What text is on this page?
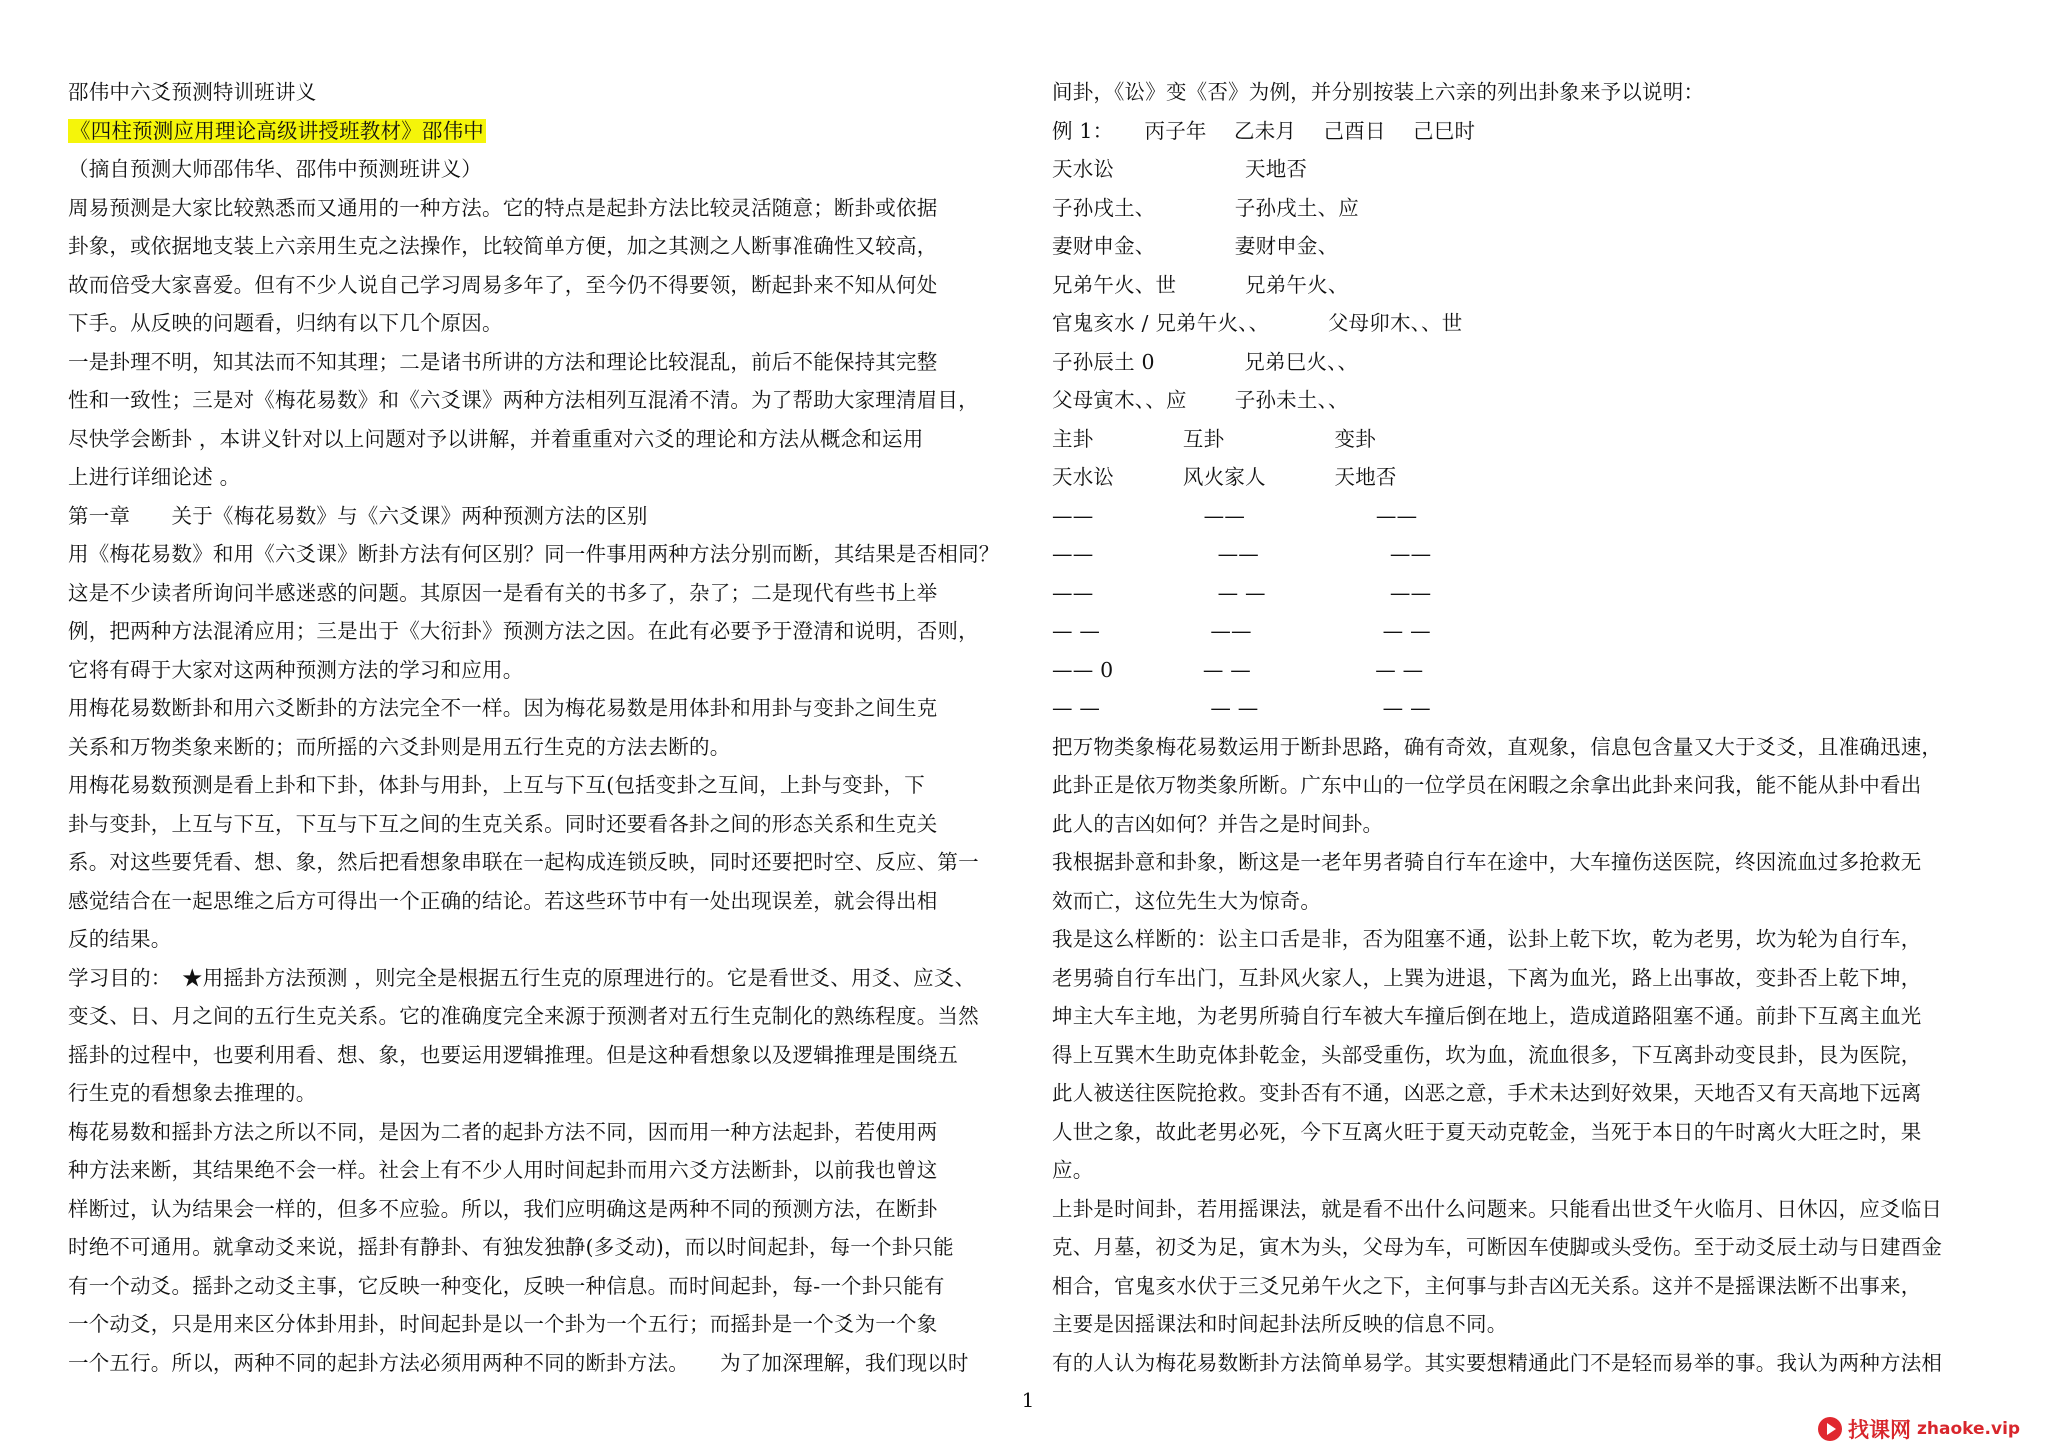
邵伟中六爻预测特训班讲义
《四柱预测应用理论高级讲授班教材》邵伟中
（摘自预测大师邵伟华、邵伟中预测班讲义）
周易预测是大家比较熟悉而又通用的一种方法。它的特点是起卦方法比较灵活随意；断卦或依据
卦象，或依据地支装上六亲用生克之法操作，比较简单方便，加之其测之人断事准确性又较高，
故而倍受大家喜爱。但有不少人说自己学习周易多年了，至今仍不得要领，断起卦来不知从何处
下手。从反映的问题看，归纳有以下几个原因。
一是卦理不明，知其法而不知其理；二是诸书所讲的方法和理论比较混乱，前后不能保持其完整
性和一致性；三是对《梅花易数》和《六爻课》两种方法相列互混淆不清。为了帮助大家理清眉目，
尽快学会断卦 ，本讲义针对以上问题对予以讲解，并着重重对六爻的理论和方法从概念和运用
上进行详细论述 。
第一章　　关于《梅花易数》与《六爻课》两种预测方法的区别
用《梅花易数》和用《六爻课》断卦方法有何区别？同一件事用两种方法分别而断，其结果是否相同？
这是不少读者所询问半感迷惑的问题。其原因一是看有关的书多了，杂了；二是现代有些书上举
例，把两种方法混淆应用；三是出于《大衍卦》预测方法之因。在此有必要予于澄清和说明，否则，
它将有碍于大家对这两种预测方法的学习和应用。
用梅花易数断卦和用六爻断卦的方法完全不一样。因为梅花易数是用体卦和用卦与变卦之间生克
关系和万物类象来断的；而所摇的六爻卦则是用五行生克的方法去断的。
用梅花易数预测是看上卦和下卦，体卦与用卦，上互与下互(包括变卦之互间，上卦与变卦，下
卦与变卦，上互与下互，下互与下互之间的生克关系。同时还要看各卦之间的形态关系和生克关
系。对这些要凭看、想、象，然后把看想象串联在一起构成连锁反映，同时还要把时空、反应、第一
感觉结合在一起思维之后方可得出一个正确的结论。若这些环节中有一处出现误差，就会得出相
反的结果。
学习目的：　★用摇卦方法预测 ，则完全是根据五行生克的原理进行的。它是看世爻、用爻、应爻、
变爻、日、月之间的五行生克关系。它的准确度完全来源于预测者对五行生克制化的熟练程度。当然
摇卦的过程中，也要利用看、想、象，也要运用逻辑推理。但是这种看想象以及逻辑推理是围绕五
行生克的看想象去推理的。
梅花易数和摇卦方法之所以不同，是因为二者的起卦方法不同，因而用一种方法起卦，若使用两
种方法来断，其结果绝不会一样。社会上有不少人用时间起卦而用六爻方法断卦，以前我也曾这
样断过，认为结果会一样的，但多不应验。所以，我们应明确这是两种不同的预测方法，在断卦
时绝不可通用。就拿动爻来说，摇卦有静卦、有独发独静(多爻动)，而以时间起卦，每一个卦只能
有一个动爻。摇卦之动爻主事，它反映一种变化，反映一种信息。而时间起卦，每-一个卦只能有
一个动爻，只是用来区分体卦用卦，时间起卦是以一个卦为一个五行；而摇卦是一个爻为一个象
一个五行。所以，两种不同的起卦方法必须用两种不同的断卦方法。　　为了加深理解，我们现以时
间卦，《讼》变《否》为例，并分别按装上六亲的列出卦象来予以说明：
例 1：　　丙子年　 乙未月　 己酉日　 己巳时
天水讼　　　　　　 天地否
子孙戌土、　　　　 子孙戌土、应
妻财申金、　　　　 妻财申金、
兄弟午火、世　　　 兄弟午火、
官鬼亥水 / 兄弟午火、、　　　 父母卯木、、世
子孙辰土 0　　　　 兄弟巳火、、
父母寅木、、应　　 子孙未土、、
主卦　　　　 互卦　　　　　 变卦
天水讼　　　 风火家人　　　 天地否
——　　　　　 ——　　　　　　 ——
——　　　　　　——　　　　　　 ——
——　　　　　　— —　　　　　　——
— —　　　　　 ——　　　　　　 — —
—— 0　　　　 — —　　　　　　— —
— —　　　　　 — —　　　　　　— —
把万物类象梅花易数运用于断卦思路，确有奇效，直观象，信息包含量又大于爻爻，且准确迅速，
此卦正是依万物类象所断。广东中山的一位学员在闲暇之余拿出此卦来问我，能不能从卦中看出
此人的吉凶如何？并告之是时间卦。
我根据卦意和卦象，断这是一老年男者骑自行车在途中，大车撞伤送医院，终因流血过多抢救无
效而亡，这位先生大为惊奇。
我是这么样断的：讼主口舌是非，否为阻塞不通，讼卦上乾下坎，乾为老男，坎为轮为自行车，
老男骑自行车出门，互卦风火家人，上巽为进退，下离为血光，路上出事故，变卦否上乾下坤，
坤主大车主地，为老男所骑自行车被大车撞后倒在地上，造成道路阻塞不通。前卦下互离主血光
得上互巽木生助克体卦乾金，头部受重伤，坎为血，流血很多，下互离卦动变艮卦，艮为医院，
此人被送往医院抢救。变卦否有不通，凶恶之意，手术未达到好效果，天地否又有天高地下远离
人世之象，故此老男必死，今下互离火旺于夏天动克乾金，当死于本日的午时离火大旺之时，果
应。
上卦是时间卦，若用摇课法，就是看不出什么问题来。只能看出世爻午火临月、日休囚，应爻临日
克、月墓，初爻为足，寅木为头，父母为车，可断因车使脚或头受伤。至于动爻辰土动与日建酉金
相合，官鬼亥水伏于三爻兄弟午火之下，主何事与卦吉凶无关系。这并不是摇课法断不出事来，
主要是因摇课法和时间起卦法所反映的信息不同。
有的人认为梅花易数断卦方法简单易学。其实要想精通此门不是轻而易举的事。我认为两种方法相
1
找课网 zhaoke.vip
